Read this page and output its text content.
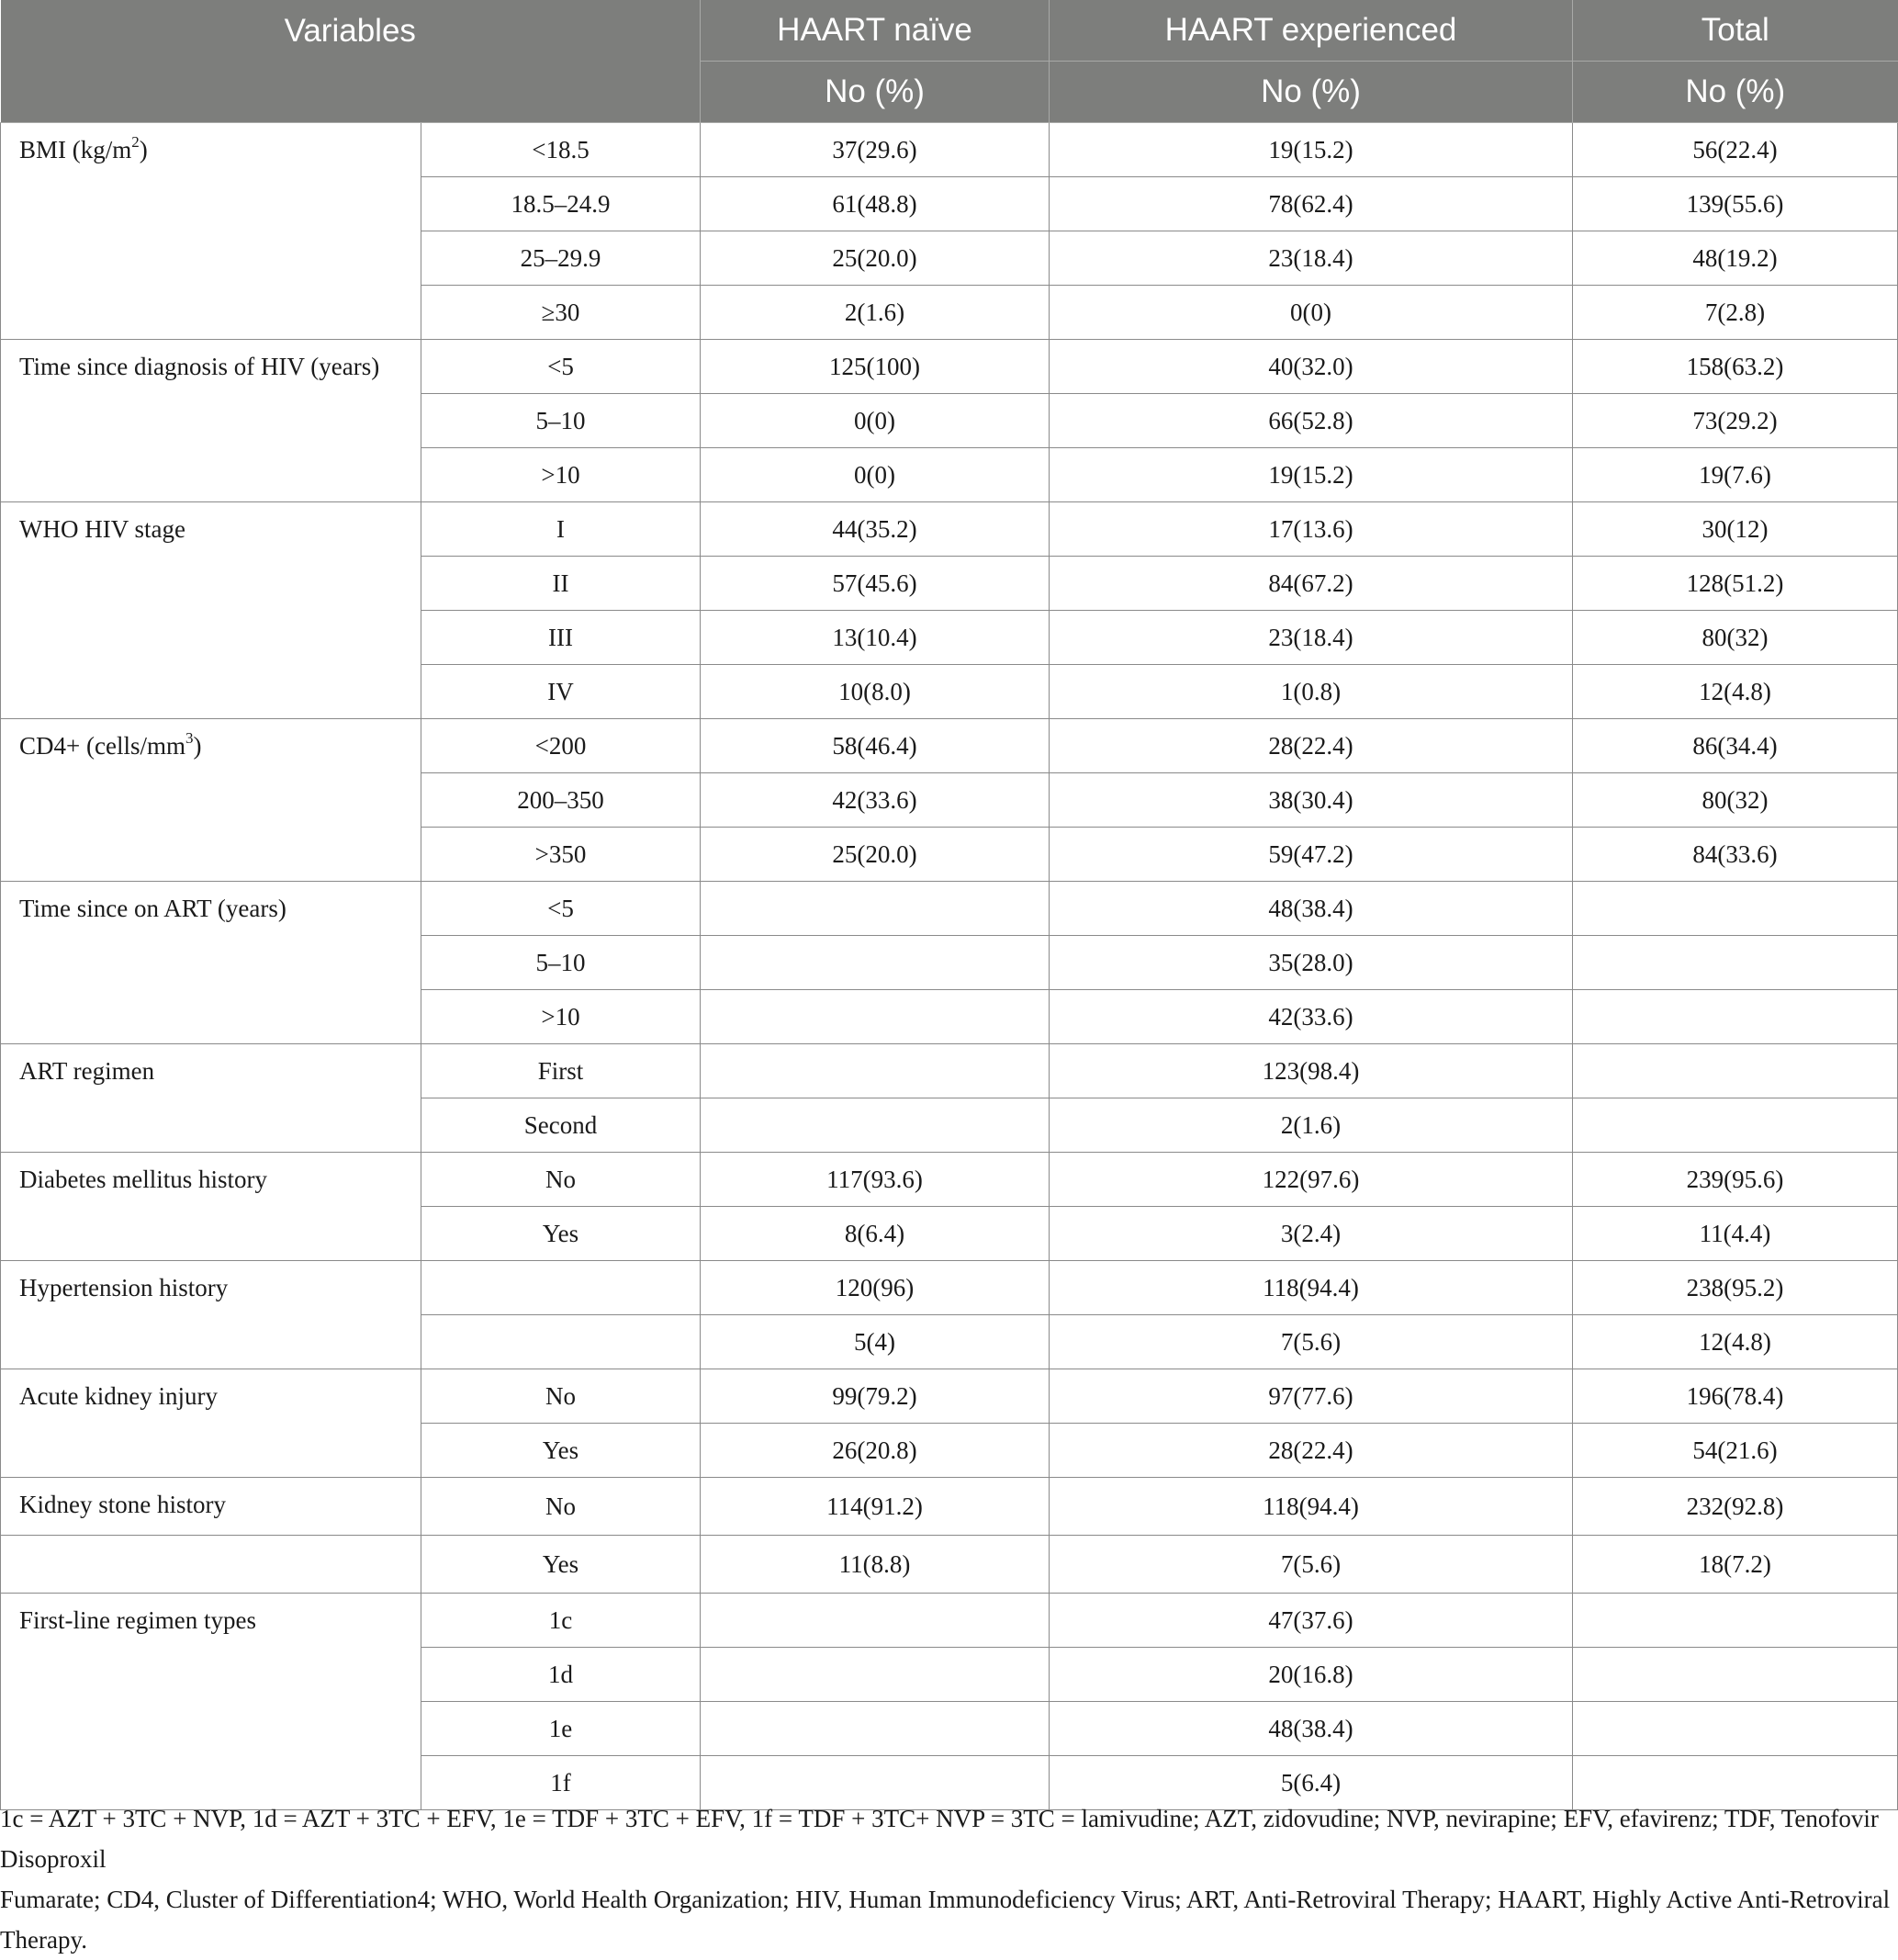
Variables		HAART naïve	HAART experienced	Total
		No (%)	No (%)	No (%)
BMI $(kg/m^2)$	<18.5	37(29.6)	19(15.2)	56(22.4)
	18.5–24.9	61(48.8)	78(62.4)	139(55.6)
	25–29.9	25(20.0)	23(18.4)	48(19.2)
	≥30	2(1.6)	0(0)	7(2.8)
Time since diagnosis of HIV (years)	<5	125(100)	40(32.0)	158(63.2)
	5–10	0(0)	66(52.8)	73(29.2)
	>10	0(0)	19(15.2)	19(7.6)
WHO HIV stage	I	44(35.2)	17(13.6)	30(12)
	II	57(45.6)	84(67.2)	128(51.2)
	III	13(10.4)	23(18.4)	80(32)
	IV	10(8.0)	1(0.8)	12(4.8)
$CD4+ (cells/mm^3)$	<200	58(46.4)	28(22.4)	86(34.4)
	200–350	42(33.6)	38(30.4)	80(32)
	>350	25(20.0)	59(47.2)	84(33.6)
Time since on ART (years)	<5		48(38.4)	
	5–10		35(28.0)	
	>10		42(33.6)	
ART regimen	First		123(98.4)	
	Second		2(1.6)	
Diabetes mellitus history	No	117(93.6)	122(97.6)	239(95.6)
	Yes	8(6.4)	3(2.4)	11(4.4)
Hypertension history		120(96)	118(94.4)	238(95.2)
		5(4)	7(5.6)	12(4.8)
Acute kidney injury	No	99(79.2)	97(77.6)	196(78.4)
	Yes	26(20.8)	28(22.4)	54(21.6)
Kidney stone history	No	114(91.2)	118(94.4)	232(92.8)
	Yes	11(8.8)	7(5.6)	18(7.2)
First-line regimen types	1c		47(37.6)	
	1d		20(16.8)	
	1e		48(38.4)	
	1f		5(6.4)	
1c = AZT + 3TC + NVP, 1d = AZT + 3TC + EFV, 1e = TDF + 3TC + EFV, 1f = TDF + 3TC+ NVP = 3TC = lamivudine; AZT, zidovudine; NVP, nevirapine; EFV, efavirenz; TDF, Tenofovir Disoproxil
Fumarate; CD4, Cluster of Differentiation4; WHO, World Health Organization; HIV, Human Immunodeficiency Virus; ART, Anti-Retroviral Therapy; HAART, Highly Active Anti-Retroviral Therapy.
